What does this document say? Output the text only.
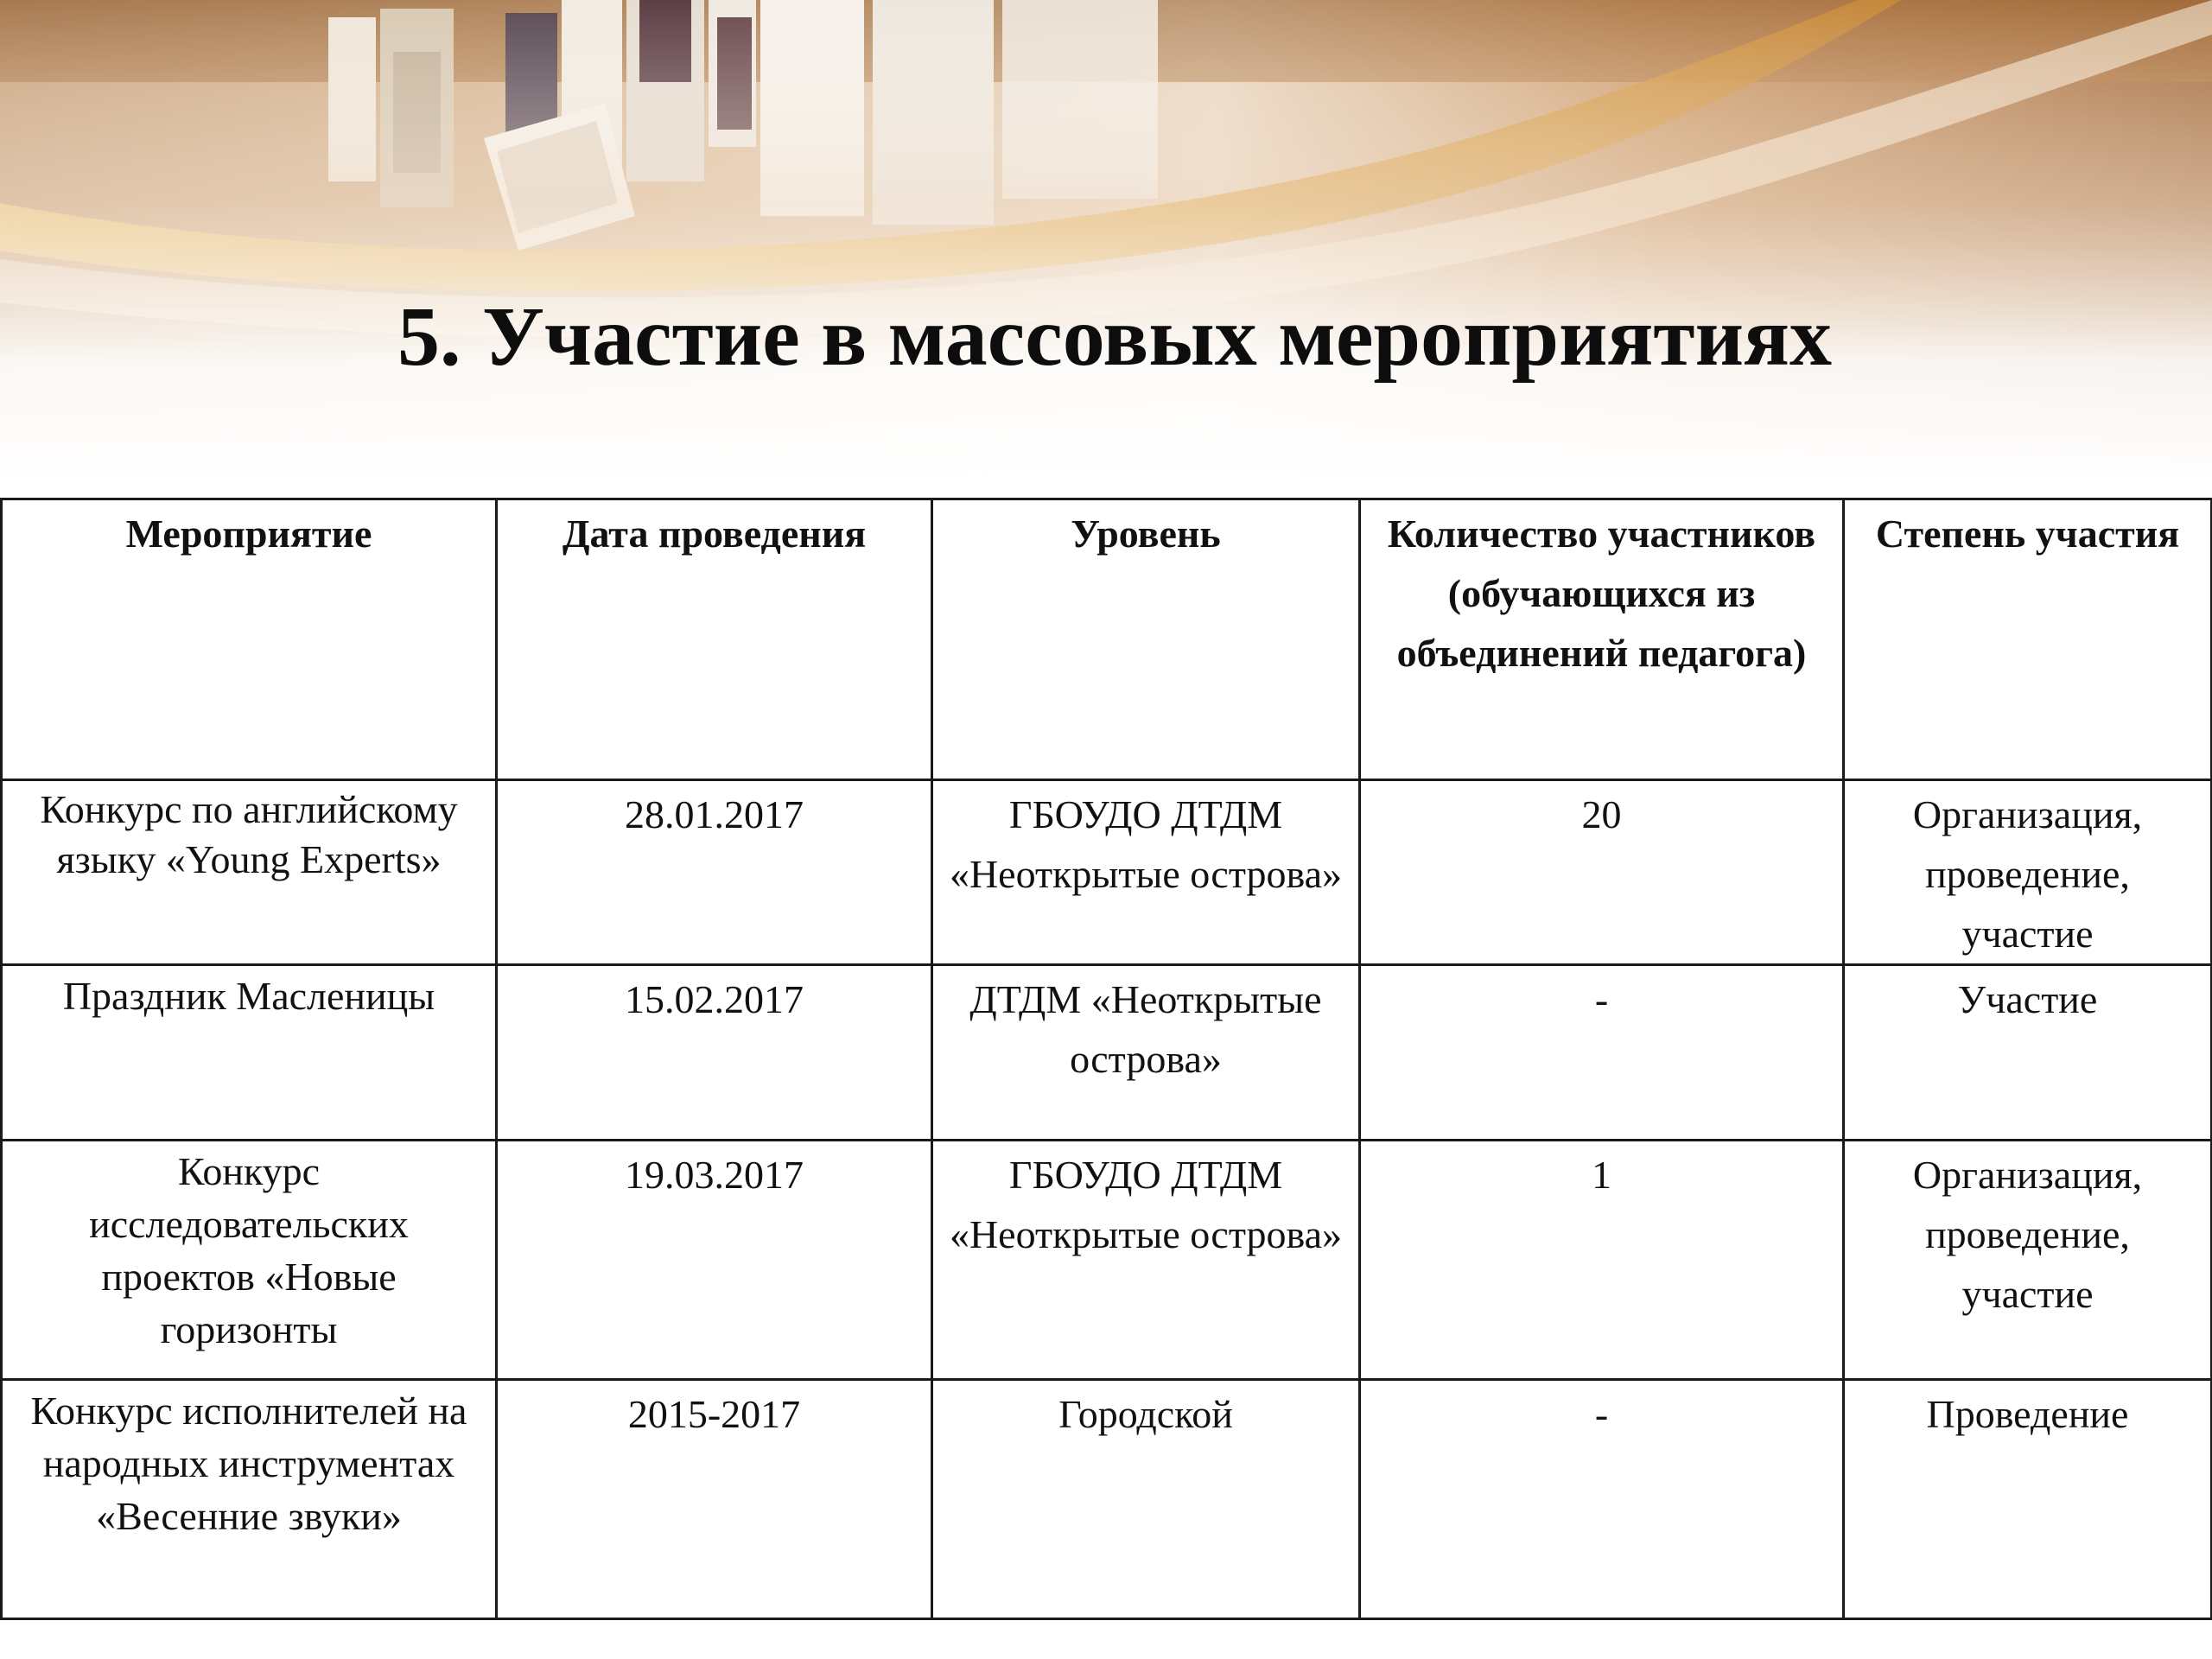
5. Участие в массовых мероприятиях
Мероприятие	Дата проведения	Уровень	Количество участников (обучающихся из объединений педагога)	Степень участия
Конкурс по английскому языку «Young Experts»	28.01.2017	ГБОУДО ДТДМ «Неоткрытые острова»	20	Организация, проведение, участие
Праздник Масленицы	15.02.2017	ДТДМ «Неоткрытые острова»	-	Участие
Конкурс исследовательских проектов «Новые горизонты	19.03.2017	ГБОУДО ДТДМ «Неоткрытые острова»	1	Организация, проведение, участие
Конкурс исполнителей на народных инструментах «Весенние звуки»	2015-2017	Городской	-	Проведение
